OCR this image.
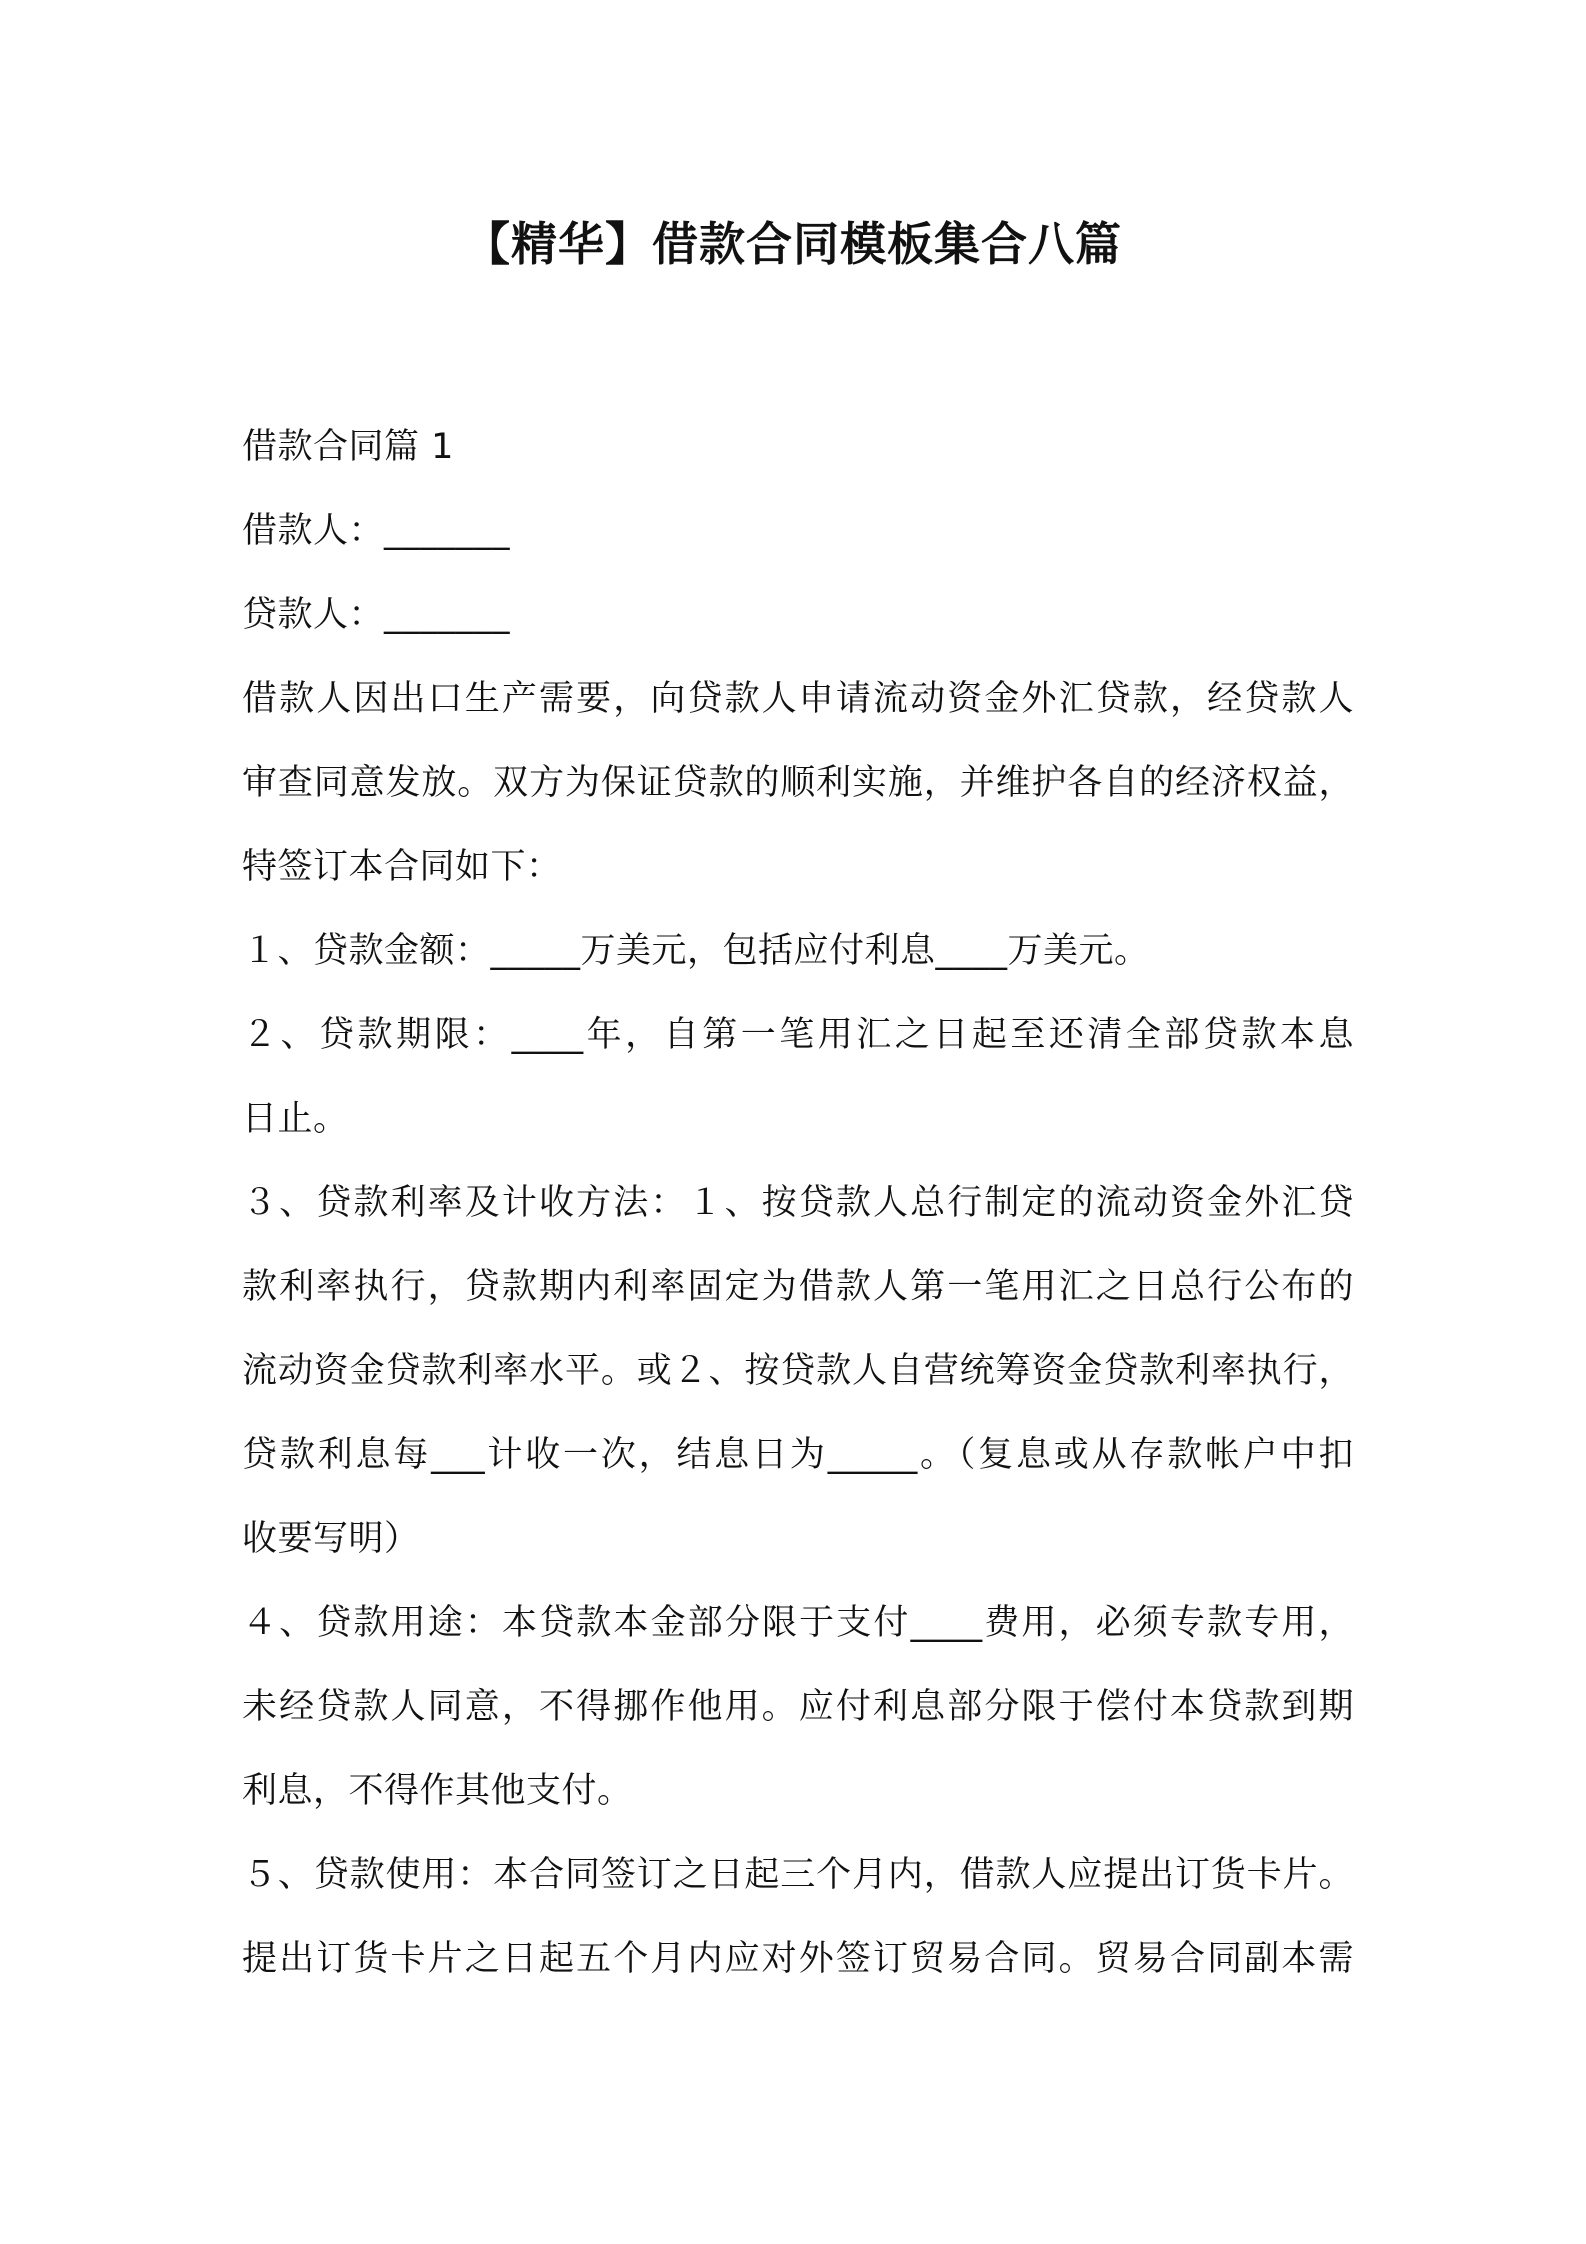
【精华】借款合同模板集合八篇
借款合同篇 1
借款人：_______
贷款人：_______
借款人因出口生产需要，向贷款人申请流动资金外汇贷款，经贷款人
审查同意发放。双方为保证贷款的顺利实施，并维护各自的经济权益，
特签订本合同如下：
１、贷款金额：_____万美元，包括应付利息____万美元。
２、贷款期限：____年，自第一笔用汇之日起至还清全部贷款本息
日止。
３、贷款利率及计收方法：１、按贷款人总行制定的流动资金外汇贷
款利率执行，贷款期内利率固定为借款人第一笔用汇之日总行公布的
流动资金贷款利率水平。或２、按贷款人自营统筹资金贷款利率执行，
贷款利息每___计收一次，结息日为_____。（复息或从存款帐户中扣
收要写明）
４、贷款用途：本贷款本金部分限于支付____费用，必须专款专用，
未经贷款人同意，不得挪作他用。应付利息部分限于偿付本贷款到期
利息，不得作其他支付。
５、贷款使用：本合同签订之日起三个月内，借款人应提出订货卡片。
提出订货卡片之日起五个月内应对外签订贸易合同。贸易合同副本需
